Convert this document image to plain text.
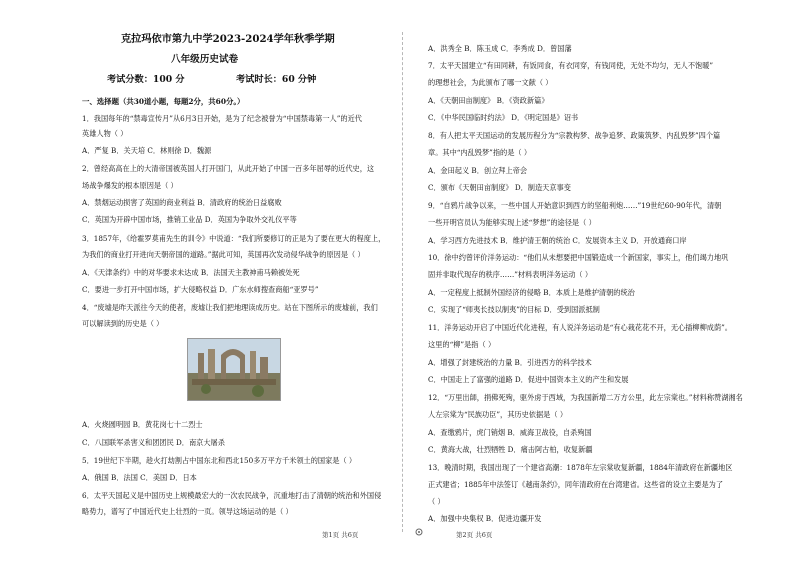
克拉玛依市第九中学2023-2024学年秋季学期
八年级历史试卷
考试分数：100 分	考试时长：60 分钟
一、选择题（共30道小题，每题2分，共60分。）
1．我国每年的“禁毒宣传月”从6月3日开始，是为了纪念被誉为“中国禁毒第一人”的近代
英雄人物（ ）
A．严复 B．关天培 C．林则徐 D．魏源
2．曾经高高在上的大清帝国被英国人打开国门，从此开始了中国一百多年屈辱的近代史，这
场战争爆发的根本原因是（ ）
A．禁烟运动损害了英国的商业利益 B．清政府的统治日益腐败
C．英国为开辟中国市场，推销工业品 D．英国为争取外交礼仪平等
3．1857年，《给霍罗莫甫先生的训令》中说道：“我们所要修订的正是为了要在更大的程度上，
为我们的商业打开进向天朝帝国的道路。”据此可知，英国再次发动侵华战争的原因是（ ）
A．《天津条约》中的对华要求未达成 B．法国天主教神甫马赖被处死
C．要进一步打开中国市场，扩大侵略权益 D．广东水师搜查商船“亚罗号”
4．“废墟是昨天派往今天的使者，废墟让我们把地理读成历史。站在下图所示的废墟前，我们
可以解读到的历史是（ ）
A．火烧圆明园 B．黄花岗七十二烈士
C．八国联军杀害义和团团民 D．南京大屠杀
5．19世纪下半期，趁火打劫割占中国东北和西北150多万平方千米领土的国家是（ ）
A．俄国 B．法国 C．美国 D．日本
6．太平天国起义是中国历史上规模最宏大的一次农民战争，沉重地打击了清朝的统治和外国侵
略势力，谱写了中国近代史上壮烈的一页。领导这场运动的是（ ）
第1页 共6页
A．洪秀全 B．陈玉成 C．李秀成 D．曾国藩
7．太平天国建立“有田同耕，有饭同食，有衣同穿，有钱同使，无处不均匀，无人不饱暖”
的理想社会，为此颁布了哪一文献（ ）
A．《天朝田亩制度》 B．《资政新篇》
C．《中华民国临时约法》 D．《明定国是》诏书
8．有人把太平天国运动的发展历程分为“宗教构梦、战争追梦、政策筑梦、内乱毁梦”四个篇
章。其中“内乱毁梦”指的是（ ）
A．金田起义 B．创立拜上帝会
C．颁布《天朝田亩制度》 D．制造天京事变
9．“自鸦片战争以来，一些中国人开始意识到西方的坚船利炮……”19世纪60-90年代，清朝
一些开明官员认为能够实现上述“梦想”的途径是（ ）
A．学习西方先进技术 B．维护清王朝的统治 C．发展资本主义 D．开放通商口岸
10．徐中约曾评价洋务运动：“他们从未想要把中国锻造成一个新国家，事实上，他们竭力地巩
固并非取代现存的秩序……”材料表明洋务运动（ ）
A．一定程度上抵制外国经济的侵略 B．本质上是维护清朝的统治
C．实现了“师夷长技以制夷”的目标 D．受到国派抵制
11．洋务运动开启了中国近代化进程，有人说洋务运动是“有心栽花花不开，无心插柳柳成荫”。
这里的“柳”是指（ ）
A．增强了封建统治的力量 B．引进西方的科学技术
C．中国走上了富强的道路 D．促进中国资本主义的产生和发展
12．“万里出師，捐佛死殉，驱外虏于西域，为我国新增二万方公里，此左宗棠也。”材料称赞湖湘名
人左宗棠为“民族功臣”，其历史依据是（ ）
A．查缴鸦片，虎门销烟 B．威海卫战役，自杀殉国
C．黄海大战，壮烈牺牲 D．痛击阿古柏，收复新疆
13．晚清时期，我国出现了一个建省高潮：1878年左宗棠收复新疆，1884年清政府在新疆地区
正式建省；1885年中法签订《越南条约》，同年清政府在台湾建省。这些省的设立主要是为了
（ ）
A．加强中央集权 B．促进边疆开发
第2页 共6页
